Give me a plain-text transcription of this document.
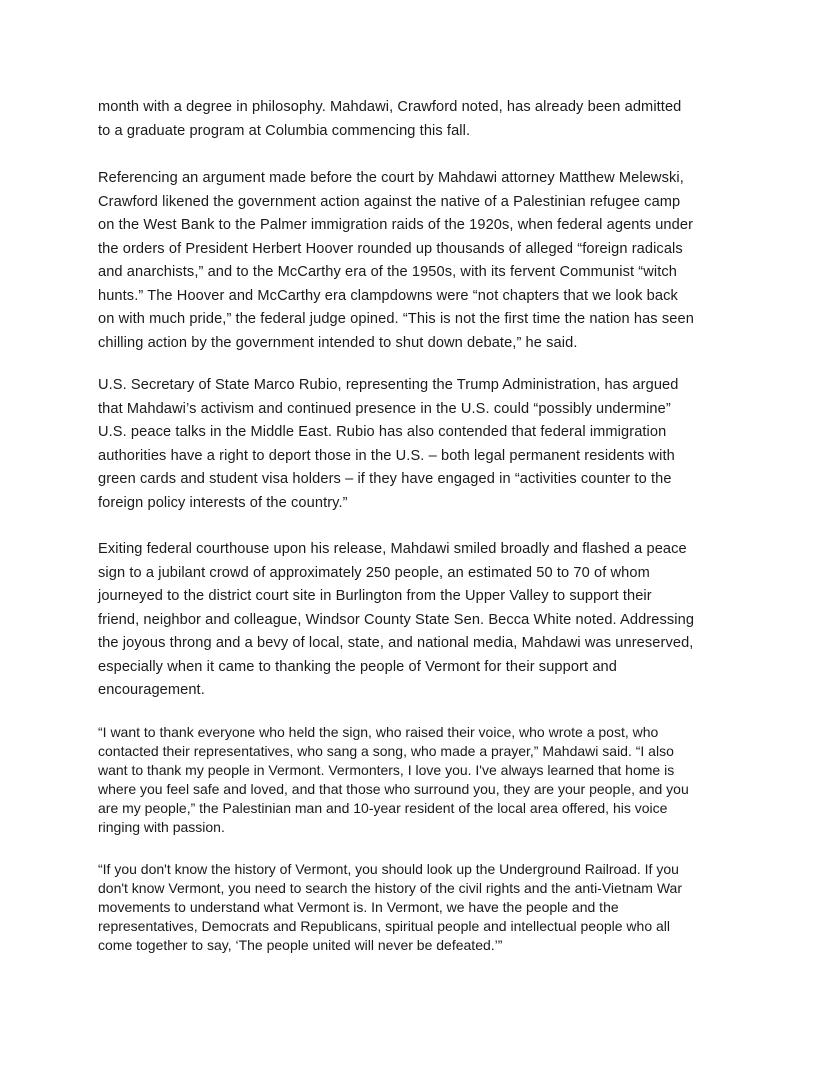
month with a degree in philosophy. Mahdawi, Crawford noted, has already been admitted
to a graduate program at Columbia commencing this fall.

Referencing an argument made before the court by Mahdawi attorney Matthew Melewski,
Crawford likened the government action against the native of a Palestinian refugee camp
on the West Bank to the Palmer immigration raids of the 1920s, when federal agents under
the orders of President Herbert Hoover rounded up thousands of alleged “foreign radicals
and anarchists,” and to the McCarthy era of the 1950s, with its fervent Communist “witch
hunts.” The Hoover and McCarthy era clampdowns were “not chapters that we look back
on with much pride,” the federal judge opined. “This is not the first time the nation has seen
chilling action by the government intended to shut down debate,” he said.

U.S. Secretary of State Marco Rubio, representing the Trump Administration, has argued
that Mahdawi’s activism and continued presence in the U.S. could “possibly undermine”
U.S. peace talks in the Middle East. Rubio has also contended that federal immigration
authorities have a right to deport those in the U.S. – both legal permanent residents with
green cards and student visa holders – if they have engaged in “activities counter to the
foreign policy interests of the country.”

Exiting federal courthouse upon his release, Mahdawi smiled broadly and flashed a peace
sign to a jubilant crowd of approximately 250 people, an estimated 50 to 70 of whom
journeyed to the district court site in Burlington from the Upper Valley to support their
friend, neighbor and colleague, Windsor County State Sen. Becca White noted. Addressing
the joyous throng and a bevy of local, state, and national media, Mahdawi was unreserved,
especially when it came to thanking the people of Vermont for their support and
encouragement.

“I want to thank everyone who held the sign, who raised their voice, who wrote a post, who
contacted their representatives, who sang a song, who made a prayer,” Mahdawi said. “I also
want to thank my people in Vermont. Vermonters, I love you. I've always learned that home is
where you feel safe and loved, and that those who surround you, they are your people, and you
are my people,” the Palestinian man and 10-year resident of the local area offered, his voice
ringing with passion.

“If you don't know the history of Vermont, you should look up the Underground Railroad. If you
don't know Vermont, you need to search the history of the civil rights and the anti-Vietnam War
movements to understand what Vermont is. In Vermont, we have the people and the
representatives, Democrats and Republicans, spiritual people and intellectual people who all
come together to say, ‘The people united will never be defeated.’”
